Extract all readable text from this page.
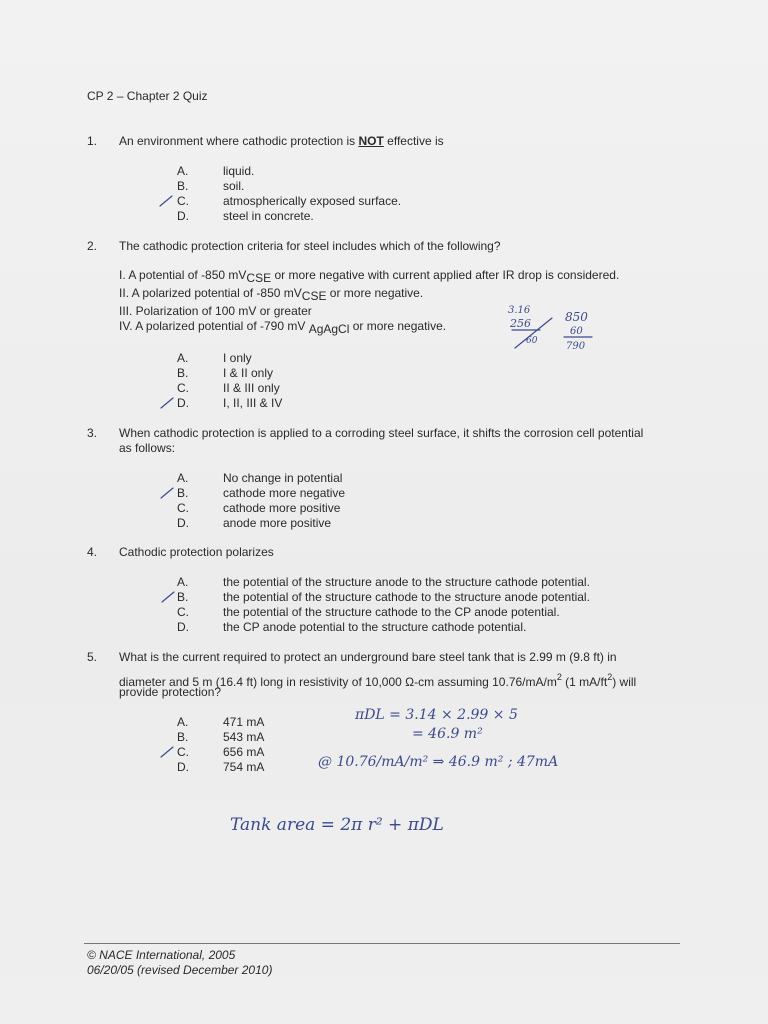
CP 2 – Chapter 2 Quiz
1. An environment where cathodic protection is NOT effective is
A.	liquid.
B.	soil.
C.	atmospherically exposed surface.
D.	steel in concrete.
2. The cathodic protection criteria for steel includes which of the following?
I. A potential of -850 $mV_{CSE}$ or more negative with current applied after IR drop is considered.
II. A polarized potential of -850 $mV_{CSE}$ or more negative.
III. Polarization of 100 mV or greater
IV. A polarized potential of -790 mV $_{AgAgCl}$ or more negative.
A.	I only
B.	I & II only
C.	II & III only
D.	I, II, III & IV
3. When cathodic protection is applied to a corroding steel surface, it shifts the corrosion cell potential
as follows:
A.	No change in potential
B.	cathode more negative
C.	cathode more positive
D.	anode more positive
4. Cathodic protection polarizes
A.	the potential of the structure anode to the structure cathode potential.
B.	the potential of the structure cathode to the structure anode potential.
C.	the potential of the structure cathode to the CP anode potential.
D.	the CP anode potential to the structure cathode potential.
5. What is the current required to protect an underground bare steel tank that is 2.99 m (9.8 ft) in
diameter and 5 m (16.4 ft) long in resistivity of 10,000 Ω-cm assuming $10.76/mA/m^2$ (1 $mA/ft^2$) will
provide protection?
A.	471 mA
B.	543 mA
C.	656 mA
D.	754 mA
3.16
256
60
850
60
790
πDL = 3.14 × 2.99 × 5
= 46.9 m²
@ 10.76/mA/m² ⇒ 46.9 m² ; 47mA
Tank area = 2π r² + πDL
© NACE International, 2005
06/20/05 (revised December 2010)
